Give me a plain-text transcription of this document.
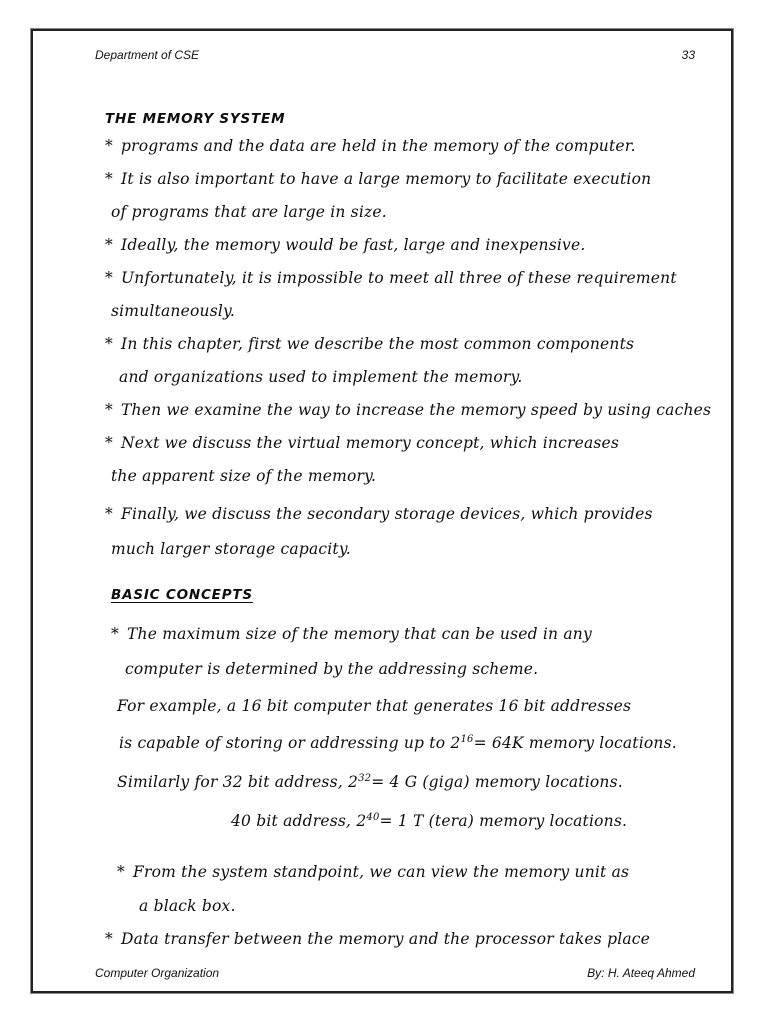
Department of CSE	33
THE MEMORY SYSTEM
* programs and the data are held in the memory of the computer.
* It is also important to have a large memory to facilitate execution
of programs that are large in size.
* Ideally, the memory would be fast, large and inexpensive.
* Unfortunately, it is impossible to meet all three of these requirement
simultaneously.
* In this chapter, first we describe the most common components
and organizations used to implement the memory.
* Then we examine the way to increase the memory speed by using caches
* Next we discuss the virtual memory concept, which increases
the apparent size of the memory.
* Finally, we discuss the secondary storage devices, which provides
much larger storage capacity.
BASIC CONCEPTS
* The maximum size of the memory that can be used in any
computer is determined by the addressing scheme.
For example, a 16 bit computer that generates 16 bit addresses
is capable of storing or addressing up to $2^{16}= 64K$ memory locations.
Similarly for 32 bit address, $2^{32}= 4$ G (giga) memory locations.
40 bit address, $2^{40}= 1$ T (tera) memory locations.
* From the system standpoint, we can view the memory unit as
a black box.
* Data transfer between the memory and the processor takes place
Computer Organization	By: H. Ateeq Ahmed
